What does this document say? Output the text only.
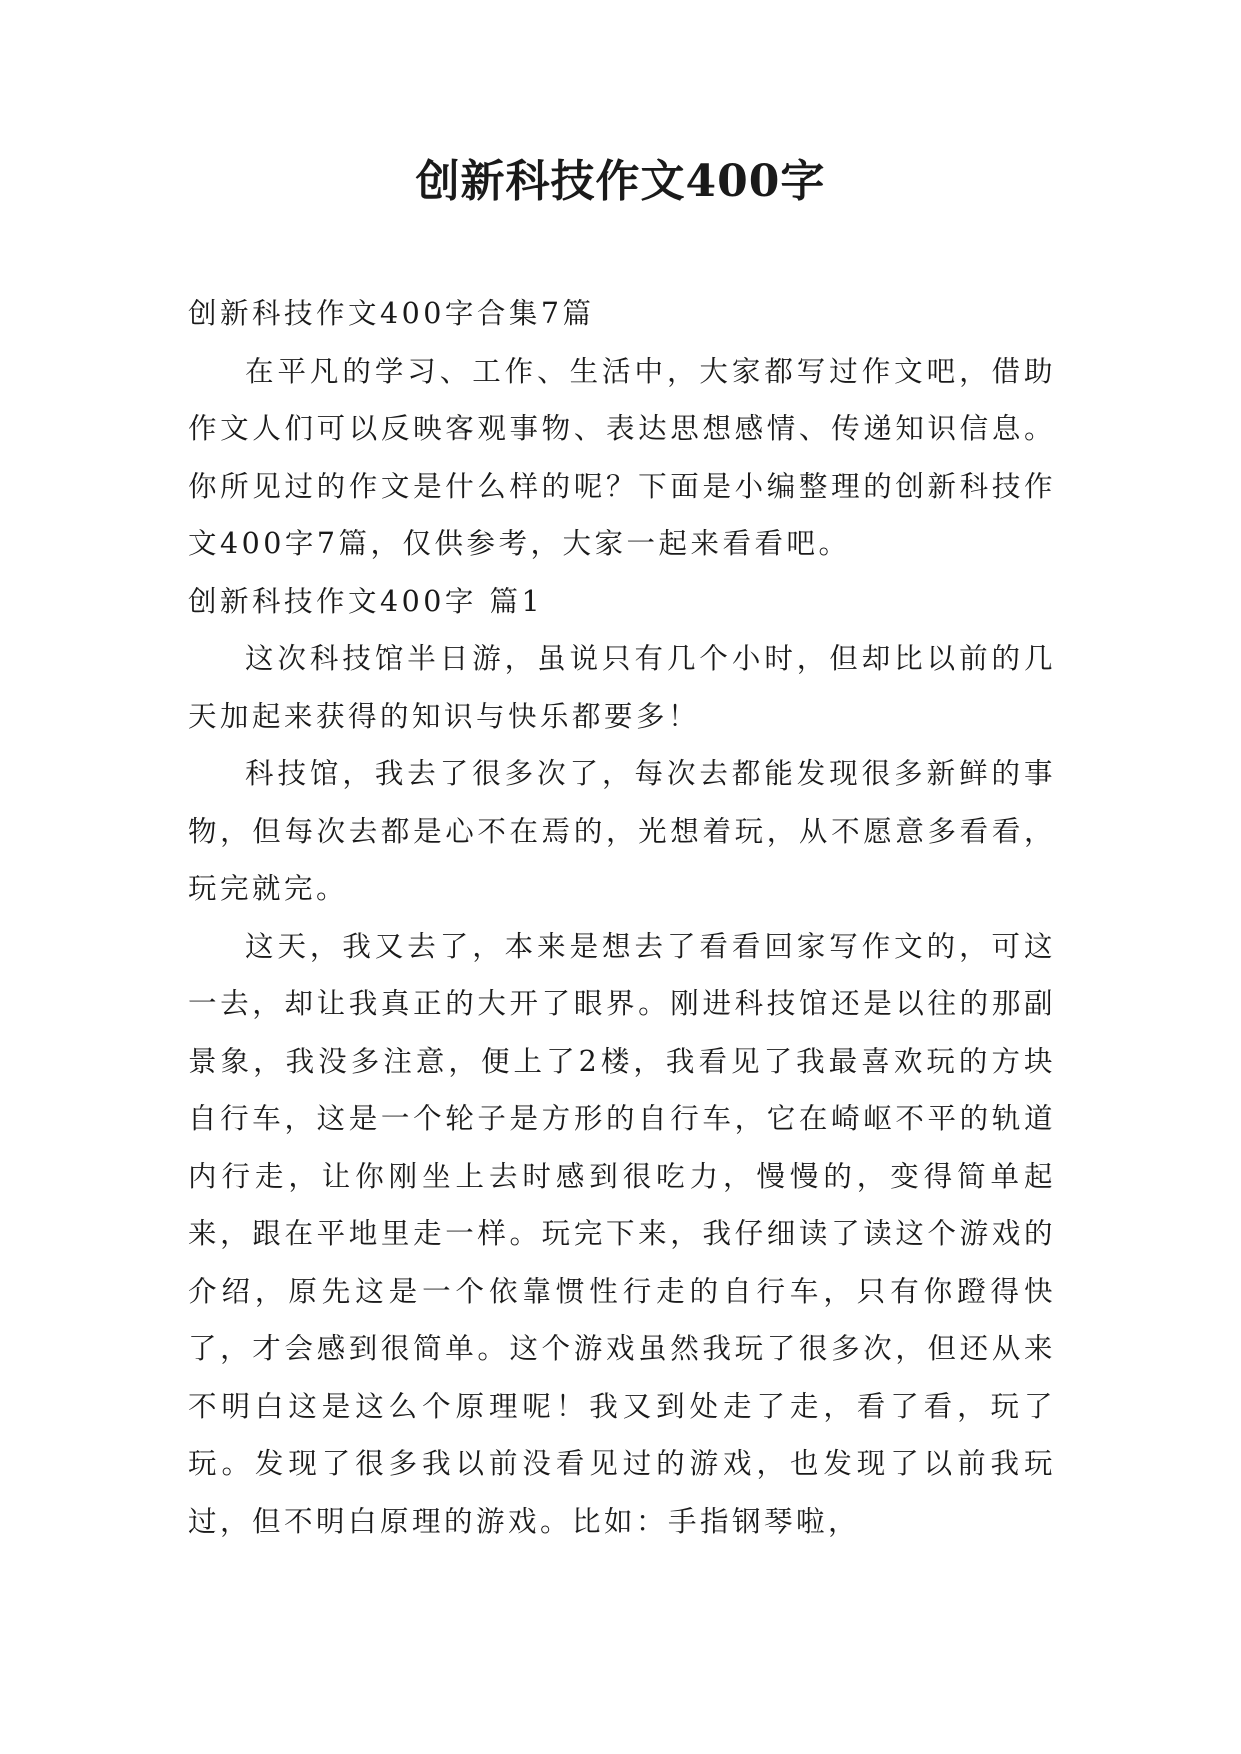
创新科技作文400字

创新科技作文400字合集7篇

在平凡的学习、工作、生活中，大家都写过作文吧，借助作文人们可以反映客观事物、表达思想感情、传递知识信息。你所见过的作文是什么样的呢？下面是小编整理的创新科技作文400字7篇，仅供参考，大家一起来看看吧。

创新科技作文400字 篇1

这次科技馆半日游，虽说只有几个小时，但却比以前的几天加起来获得的知识与快乐都要多！

科技馆，我去了很多次了，每次去都能发现很多新鲜的事物，但每次去都是心不在焉的，光想着玩，从不愿意多看看，玩完就完。

这天，我又去了，本来是想去了看看回家写作文的，可这一去，却让我真正的大开了眼界。刚进科技馆还是以往的那副景象，我没多注意，便上了2楼，我看见了我最喜欢玩的方块自行车，这是一个轮子是方形的自行车，它在崎岖不平的轨道内行走，让你刚坐上去时感到很吃力，慢慢的，变得简单起来，跟在平地里走一样。玩完下来，我仔细读了读这个游戏的介绍，原先这是一个依靠惯性行走的自行车，只有你蹬得快了，才会感到很简单。这个游戏虽然我玩了很多次，但还从来不明白这是这么个原理呢！我又到处走了走，看了看，玩了玩。发现了很多我以前没看见过的游戏，也发现了以前我玩过，但不明白原理的游戏。比如：手指钢琴啦，
